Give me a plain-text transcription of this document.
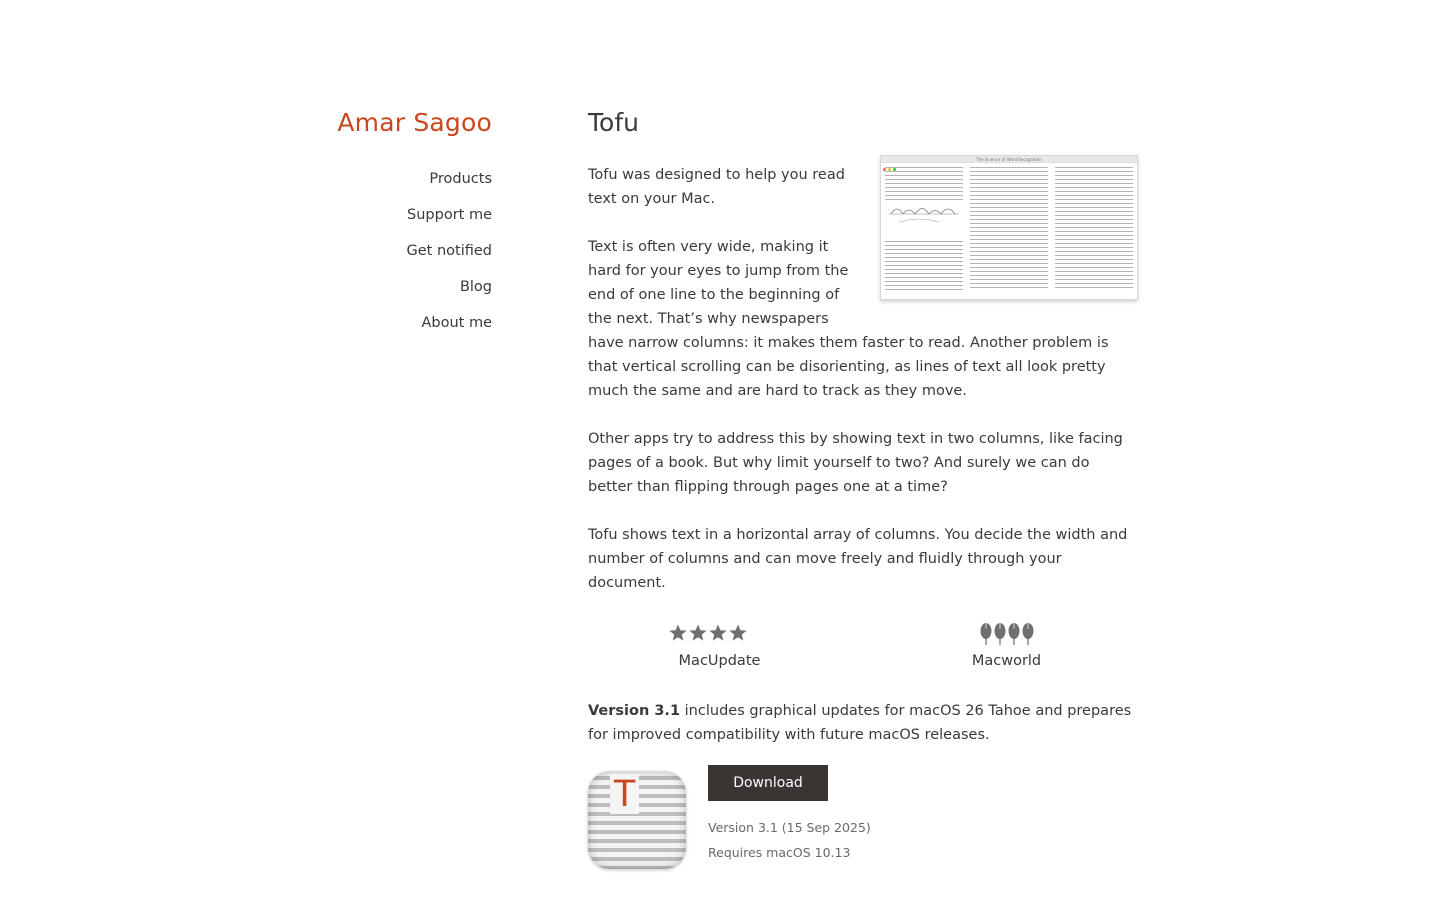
Amar Sagoo
Products
Support me
Get notified
Blog
About me
Tofu
The Science of Word Recognition

Tofu was designed to help you read text on your Mac.

Text is often very wide, making it hard for your eyes to jump from the end of one line to the beginning of the next. That’s why newspapers have narrow columns: it makes them faster to read. Another problem is that vertical scrolling can be disorienting, as lines of text all look pretty much the same and are hard to track as they move.

Other apps try to address this by showing text in two columns, like facing pages of a book. But why limit yourself to two? And surely we can do better than flipping through pages one at a time?

Tofu shows text in a horizontal array of columns. You decide the width and number of columns and can move freely and fluidly through your document.

MacUpdate	Macworld

Version 3.1 includes graphical updates for macOS 26 Tahoe and prepares for improved compatibility with future macOS releases.

T	Download
Version 3.1 (15 Sep 2025)
Requires macOS 10.13
